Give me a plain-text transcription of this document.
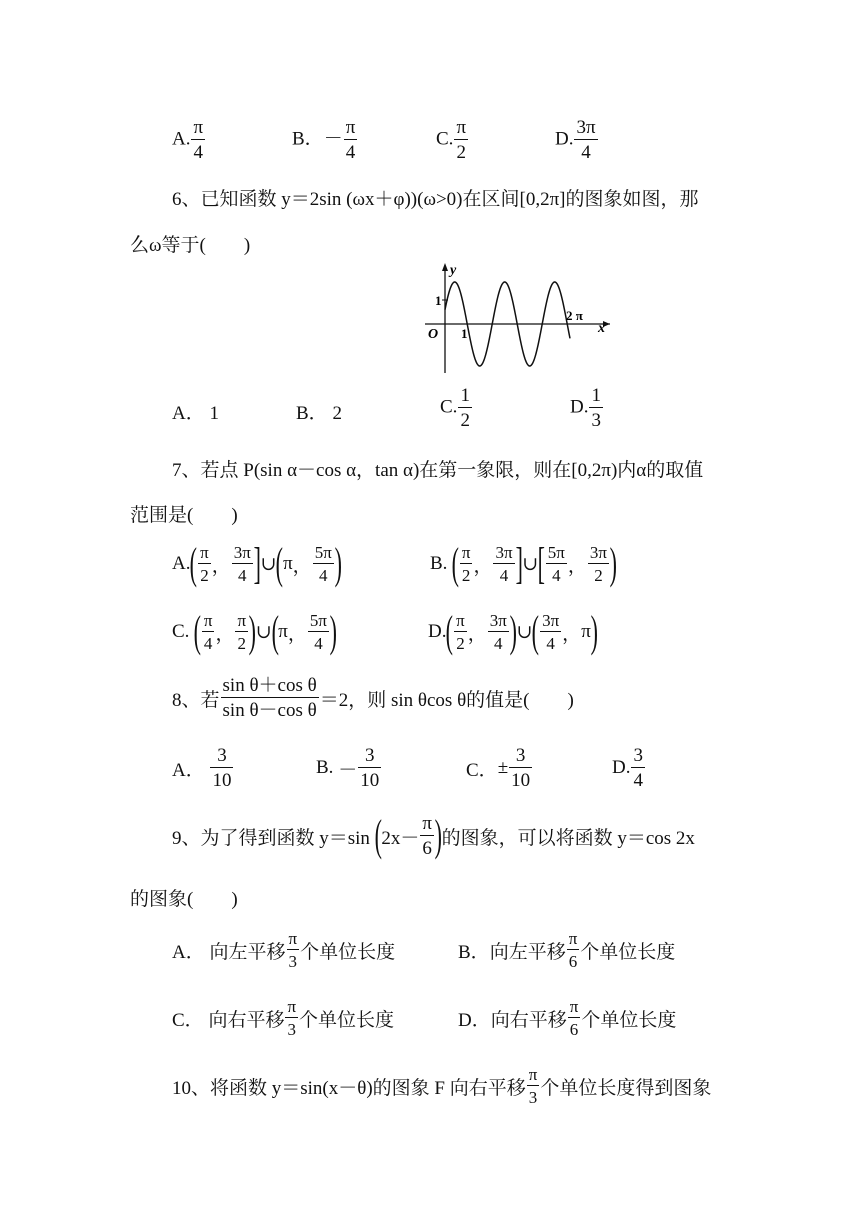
A. $\frac{\pi}{4}$	B．－ $\frac{\pi}{4}$	C. $\frac{\pi}{2}$	D. $\frac{3\pi}{4}$
6、已知函数 y＝2sin (ωx＋φ))(ω>0)在区间[0,2π]的图象如图，那
么ω等于(　　)
y
x
O
1
1
2 π
A． 1	B． 2	C. $\frac{1}{2}$	D. $\frac{1}{3}$
7、若点 P(sin α－cos α，tan α)在第一象限，则在[0,2π)内α的取值
范围是(　　)
A. ( $\frac{\pi}{2}$ ， $\frac{3\pi}{4}$ ] ∪ ( π ， $\frac{5\pi}{4}$ )	B.
( $\frac{\pi}{2}$ ， $\frac{3\pi}{4}$ ] ∪ [ $\frac{5\pi}{4}$ ， $\frac{3\pi}{2}$ )
C.
( $\frac{\pi}{4}$ ， $\frac{\pi}{2}$ ) ∪ ( π ， $\frac{5\pi}{4}$ )	D. ( $\frac{\pi}{2}$ ， $\frac{3\pi}{4}$ ) ∪ ( $\frac{3\pi}{4}$ ， π )
8、若 $\frac{\text{sin θ＋cos θ}}{\text{sin θ－cos θ}} =2$，则 sin θcos θ的值是(　　)
A．
$\frac{3}{10}$	B.
－ $\frac{3}{10}$	C． ± $\frac{3}{10}$	D. $\frac{3}{4}$
9、为了得到函数 y＝sin
( $2x- \frac{\pi}{6}$ ) 的图象，可以将函数 y＝cos 2x
的图象(　　)
A．
向左平移 $\frac{\pi}{3}$ 个单位长度	B． 向左平移 $\frac{\pi}{6}$ 个单位长度
C．
向右平移 $\frac{\pi}{3}$ 个单位长度	D． 向右平移 $\frac{\pi}{6}$ 个单位长度
10、将函数 y＝sin(x－θ)的图象 F 向右平移 $\frac{\pi}{3}$ 个单位长度得到图象
